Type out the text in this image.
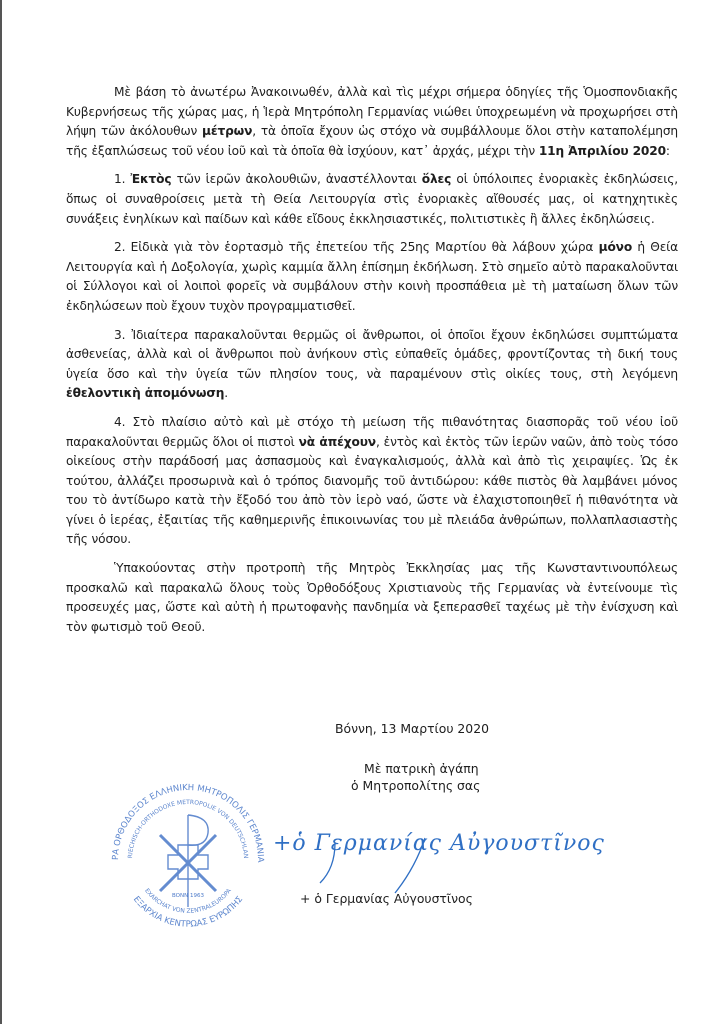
Μὲ βάση τὸ ἀνωτέρω Ἀνακοινωθέν, ἀλλὰ καὶ τὶς μέχρι σήμερα ὁδηγίες τῆς Ὁμοσπονδιακῆς Κυβερνήσεως τῆς χώρας μας, ἡ Ἱερὰ Μητρόπολη Γερμανίας νιώθει ὑποχρεωμένη νὰ προχωρήσει στὴ λήψη τῶν ἀκόλουθων μέτρων, τὰ ὁποῖα ἔχουν ὡς στόχο νὰ συμβάλλουμε ὅλοι στὴν καταπολέμηση τῆς ἐξαπλώσεως τοῦ νέου ἰοῦ καὶ τὰ ὁποῖα θὰ ἰσχύουν, κατ᾽ ἀρχάς, μέχρι τὴν 11η Ἀπριλίου 2020:

1. Ἐκτὸς τῶν ἱερῶν ἀκολουθιῶν, ἀναστέλλονται ὅλες οἱ ὑπόλοιπες ἐνοριακὲς ἐκδηλώσεις, ὅπως οἱ συναθροίσεις μετὰ τὴ Θεία Λειτουργία στὶς ἐνοριακὲς αἴθουσές μας, οἱ κατηχητικὲς συνάξεις ἐνηλίκων καὶ παίδων καὶ κάθε εἴδους ἐκκλησιαστικές, πολιτιστικὲς ἢ ἄλλες ἐκδηλώσεις.

2. Εἰδικὰ γιὰ τὸν ἑορτασμὸ τῆς ἐπετείου τῆς 25ης Μαρτίου θὰ λάβουν χώρα μόνο ἡ Θεία Λειτουργία καὶ ἡ Δοξολογία, χωρὶς καμμία ἄλλη ἐπίσημη ἐκδήλωση. Στὸ σημεῖο αὐτὸ παρακαλοῦνται οἱ Σύλλογοι καὶ οἱ λοιποὶ φορεῖς νὰ συμβάλουν στὴν κοινὴ προσπάθεια μὲ τὴ ματαίωση ὅλων τῶν ἐκδηλώσεων ποὺ ἔχουν τυχὸν προγραμματισθεῖ.

3. Ἰδιαίτερα παρακαλοῦνται θερμῶς οἱ ἄνθρωποι, οἱ ὁποῖοι ἔχουν ἐκδηλώσει συμπτώματα ἀσθενείας, ἀλλὰ καὶ οἱ ἄνθρωποι ποὺ ἀνήκουν στὶς εὐπαθεῖς ὁμάδες, φροντίζοντας τὴ δική τους ὑγεία ὅσο καὶ τὴν ὑγεία τῶν πλησίον τους, νὰ παραμένουν στὶς οἰκίες τους, στὴ λεγόμενη ἐθελοντικὴ ἀπομόνωση.

4. Στὸ πλαίσιο αὐτὸ καὶ μὲ στόχο τὴ μείωση τῆς πιθανότητας διασπορᾶς τοῦ νέου ἰοῦ παρακαλοῦνται θερμῶς ὅλοι οἱ πιστοὶ νὰ ἀπέχουν, ἐντὸς καὶ ἐκτὸς τῶν ἱερῶν ναῶν, ἀπὸ τοὺς τόσο οἰκείους στὴν παράδοσή μας ἀσπασμοὺς καὶ ἐναγκαλισμούς, ἀλλὰ καὶ ἀπὸ τὶς χειραψίες. Ὡς ἐκ τούτου, ἀλλάζει προσωρινὰ καὶ ὁ τρόπος διανομῆς τοῦ ἀντιδώρου: κάθε πιστὸς θὰ λαμβάνει μόνος του τὸ ἀντίδωρο κατὰ τὴν ἔξοδό του ἀπὸ τὸν ἱερὸ ναό, ὥστε νὰ ἐλαχιστοποιηθεῖ ἡ πιθανότητα νὰ γίνει ὁ ἱερέας, ἐξαιτίας τῆς καθημερινῆς ἐπικοινωνίας του μὲ πλειάδα ἀνθρώπων, πολλαπλασιαστὴς τῆς νόσου.

Ὑπακούοντας στὴν προτροπὴ τῆς Μητρὸς Ἐκκλησίας μας τῆς Κωνσταντινουπόλεως προσκαλῶ καὶ παρακαλῶ ὅλους τοὺς Ὀρθοδόξους Χριστιανοὺς τῆς Γερμανίας νὰ ἐντείνουμε τὶς προσευχές μας, ὥστε καὶ αὐτὴ ἡ πρωτοφανὴς πανδημία νὰ ξεπερασθεῖ ταχέως μὲ τὴν ἐνίσχυση καὶ τὸν φωτισμὸ τοῦ Θεοῦ.

Βόννη, 13 Μαρτίου 2020
Μὲ πατρικὴ ἀγάπη
ὁ Μητροπολίτης σας
ΡΑ ΟΡΘΟΔΟΞΟΣ ΕΛΛΗΝΙΚΗ ΜΗΤΡΟΠΟΛΙΣ ΓΕΡΜΑΝΙΑ
RIECHISCH-ORTHODOXE METROPOLIE VON DEUTSCHLAN
EXARCHAT VON ZENTRALEUROPA
ΕΞΑΡΧΙΑ ΚΕΝΤΡΩΑΣ ΕΥΡΩΠΗΣ
BONN 1963
+ὁ Γερμανίας Αὐγουστῖνος
+ ὁ Γερμανίας Αὐγουστῖνος
